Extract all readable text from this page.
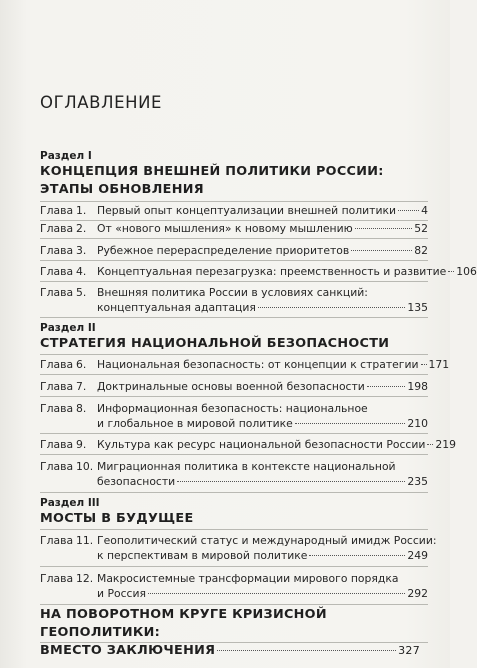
ОГЛАВЛЕНИЕ
Раздел I
КОНЦЕПЦИЯ ВНЕШНЕЙ ПОЛИТИКИ РОССИИ:
ЭТАПЫ ОБНОВЛЕНИЯ
Глава 1. Первый опыт концептуализации внешней политики 4
Глава 2. От «нового мышления» к новому мышлению	52
Глава 3. Рубежное перераспределение приоритетов	82
Глава 4. Концептуальная перезагрузка: преемственность и развитие 106
Глава 5. Внешняя политика России в условиях санкций:
концептуальная адаптация	135
Раздел II
СТРАТЕГИЯ НАЦИОНАЛЬНОЙ БЕЗОПАСНОСТИ
Глава 6. Национальная безопасность: от концепции к стратегии 171
Глава 7. Доктринальные основы военной безопасности	198
Глава 8. Информационная безопасность: национальное
и глобальное в мировой политике	210
Глава 9. Культура как ресурс национальной безопасности России 219
Глава 10. Миграционная политика в контексте национальной
безопасности	235
Раздел III
МОСТЫ В БУДУЩЕЕ
Глава 11. Геополитический статус и международный имидж России:
к перспективам в мировой политике	249
Глава 12. Макросистемные трансформации мирового порядка
и Россия	292
НА ПОВОРОТНОМ КРУГЕ КРИЗИСНОЙ ГЕОПОЛИТИКИ:
ВМЕСТО ЗАКЛЮЧЕНИЯ	327
